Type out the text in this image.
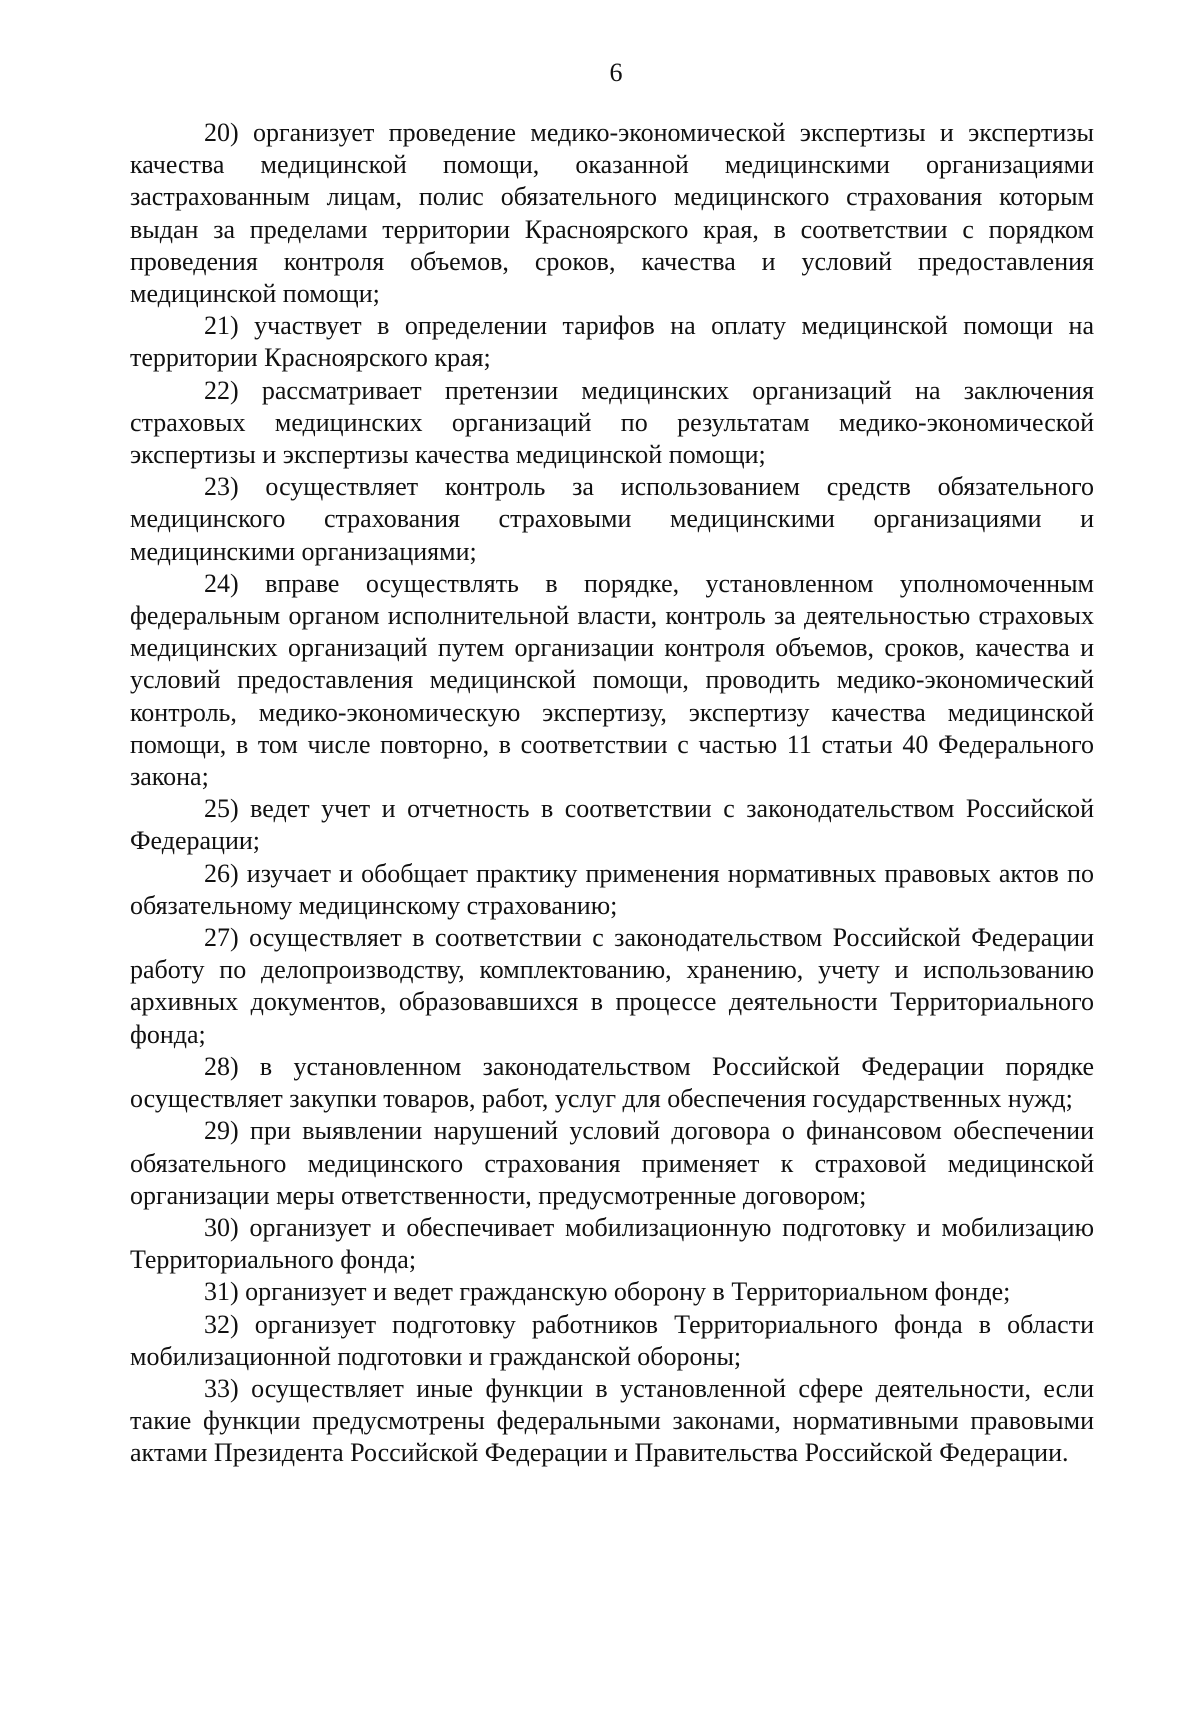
6

20) организует проведение медико-экономической экспертизы и экспертизы качества медицинской помощи, оказанной медицинскими организациями застрахованным лицам, полис обязательного медицинского страхования которым выдан за пределами территории Красноярского края, в соответствии с порядком проведения контроля объемов, сроков, качества и условий предоставления медицинской помощи;

21) участвует в определении тарифов на оплату медицинской помощи на территории Красноярского края;

22) рассматривает претензии медицинских организаций на заключения страховых медицинских организаций по результатам медико-экономической экспертизы и экспертизы качества медицинской помощи;

23) осуществляет контроль за использованием средств обязательного медицинского страхования страховыми медицинскими организациями и медицинскими организациями;

24) вправе осуществлять в порядке, установленном уполномоченным федеральным органом исполнительной власти, контроль за деятельностью страховых медицинских организаций путем организации контроля объемов, сроков, качества и условий предоставления медицинской помощи, проводить медико-экономический контроль, медико-экономическую экспертизу, экспертизу качества медицинской помощи, в том числе повторно, в соответствии с частью 11 статьи 40 Федерального закона;

25) ведет учет и отчетность в соответствии с законодательством Российской Федерации;

26) изучает и обобщает практику применения нормативных правовых актов по обязательному медицинскому страхованию;

27) осуществляет в соответствии с законодательством Российской Федерации работу по делопроизводству, комплектованию, хранению, учету и использованию архивных документов, образовавшихся в процессе деятельности Территориального фонда;

28) в установленном законодательством Российской Федерации порядке осуществляет закупки товаров, работ, услуг для обеспечения государственных нужд;

29) при выявлении нарушений условий договора о финансовом обеспечении обязательного медицинского страхования применяет к страховой медицинской организации меры ответственности, предусмотренные договором;

30) организует и обеспечивает мобилизационную подготовку и мобилизацию Территориального фонда;

31) организует и ведет гражданскую оборону в Территориальном фонде;

32) организует подготовку работников Территориального фонда в области мобилизационной подготовки и гражданской обороны;

33) осуществляет иные функции в установленной сфере деятельности, если такие функции предусмотрены федеральными законами, нормативными правовыми актами Президента Российской Федерации и Правительства Российской Федерации.
